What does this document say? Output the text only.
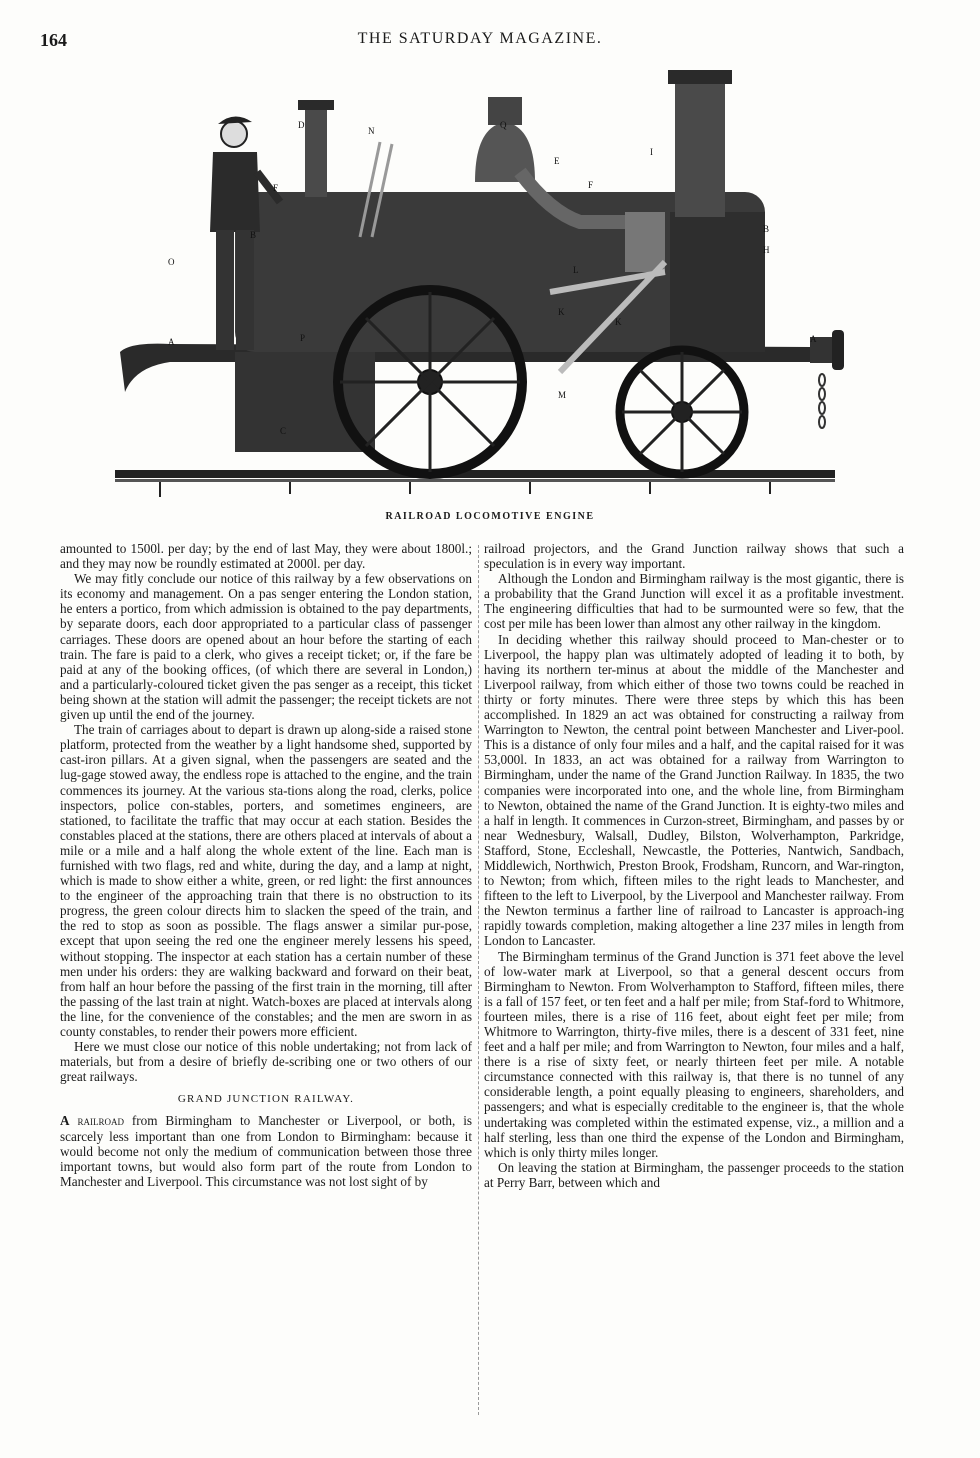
164	THE SATURDAY MAGAZINE.
D
N
Q
E
F	F
I
B
B
H
O
L
K
K
P
A	A
M
C
RAILROAD LOCOMOTIVE ENGINE

amounted to 1500l. per day; by the end of last May, they were about 1800l.; and they may now be roundly estimated at 2000l. per day.

We may fitly conclude our notice of this railway by a few observations on its economy and management. On a pas senger entering the London station, he enters a portico, from which admission is obtained to the pay departments, by separate doors, each door appropriated to a particular class of passenger carriages. These doors are opened about an hour before the starting of each train. The fare is paid to a clerk, who gives a receipt ticket; or, if the fare be paid at any of the booking offices, (of which there are several in London,) and a particularly-coloured ticket given the pas senger as a receipt, this ticket being shown at the station will admit the passenger; the receipt tickets are not given up until the end of the journey.

The train of carriages about to depart is drawn up along-side a raised stone platform, protected from the weather by a light handsome shed, supported by cast-iron pillars. At a given signal, when the passengers are seated and the lug-gage stowed away, the endless rope is attached to the engine, and the train commences its journey. At the various sta-tions along the road, clerks, police inspectors, police con-stables, porters, and sometimes engineers, are stationed, to facilitate the traffic that may occur at each station. Besides the constables placed at the stations, there are others placed at intervals of about a mile or a mile and a half along the whole extent of the line. Each man is furnished with two flags, red and white, during the day, and a lamp at night, which is made to show either a white, green, or red light: the first announces to the engineer of the approaching train that there is no obstruction to its progress, the green colour directs him to slacken the speed of the train, and the red to stop as soon as possible. The flags answer a similar pur-pose, except that upon seeing the red one the engineer merely lessens his speed, without stopping. The inspector at each station has a certain number of these men under his orders: they are walking backward and forward on their beat, from half an hour before the passing of the first train in the morning, till after the passing of the last train at night. Watch-boxes are placed at intervals along the line, for the convenience of the constables; and the men are sworn in as county constables, to render their powers more efficient.

Here we must close our notice of this noble undertaking; not from lack of materials, but from a desire of briefly de-scribing one or two others of our great railways.

GRAND JUNCTION RAILWAY.

A railroad from Birmingham to Manchester or Liverpool, or both, is scarcely less important than one from London to Birmingham: because it would become not only the medium of communication between those three important towns, but would also form part of the route from London to Manchester and Liverpool. This circumstance was not lost sight of by

railroad projectors, and the Grand Junction railway shows that such a speculation is in every way important.

Although the London and Birmingham railway is the most gigantic, there is a probability that the Grand Junction will excel it as a profitable investment. The engineering difficulties that had to be surmounted were so few, that the cost per mile has been lower than almost any other railway in the kingdom.

In deciding whether this railway should proceed to Man-chester or to Liverpool, the happy plan was ultimately adopted of leading it to both, by having its northern ter-minus at about the middle of the Manchester and Liverpool railway, from which either of those two towns could be reached in thirty or forty minutes. There were three steps by which this has been accomplished. In 1829 an act was obtained for constructing a railway from Warrington to Newton, the central point between Manchester and Liver-pool. This is a distance of only four miles and a half, and the capital raised for it was 53,000l. In 1833, an act was obtained for a railway from Warrington to Birmingham, under the name of the Grand Junction Railway. In 1835, the two companies were incorporated into one, and the whole line, from Birmingham to Newton, obtained the name of the Grand Junction. It is eighty-two miles and a half in length. It commences in Curzon-street, Birmingham, and passes by or near Wednesbury, Walsall, Dudley, Bilston, Wolverhampton, Parkridge, Stafford, Stone, Eccleshall, Newcastle, the Potteries, Nantwich, Sandbach, Middlewich, Northwich, Preston Brook, Frodsham, Runcorn, and War-rington, to Newton; from which, fifteen miles to the right leads to Manchester, and fifteen to the left to Liverpool, by the Liverpool and Manchester railway. From the Newton terminus a farther line of railroad to Lancaster is approach-ing rapidly towards completion, making altogether a line 237 miles in length from London to Lancaster.

The Birmingham terminus of the Grand Junction is 371 feet above the level of low-water mark at Liverpool, so that a general descent occurs from Birmingham to Newton. From Wolverhampton to Stafford, fifteen miles, there is a fall of 157 feet, or ten feet and a half per mile; from Staf-ford to Whitmore, fourteen miles, there is a rise of 116 feet, about eight feet per mile; from Whitmore to Warrington, thirty-five miles, there is a descent of 331 feet, nine feet and a half per mile; and from Warrington to Newton, four miles and a half, there is a rise of sixty feet, or nearly thirteen feet per mile. A notable circumstance connected with this railway is, that there is no tunnel of any considerable length, a point equally pleasing to engineers, shareholders, and passengers; and what is especially creditable to the engineer is, that the whole undertaking was completed within the estimated expense, viz., a million and a half sterling, less than one third the expense of the London and Birmingham, which is only thirty miles longer.

On leaving the station at Birmingham, the passenger proceeds to the station at Perry Barr, between which and
